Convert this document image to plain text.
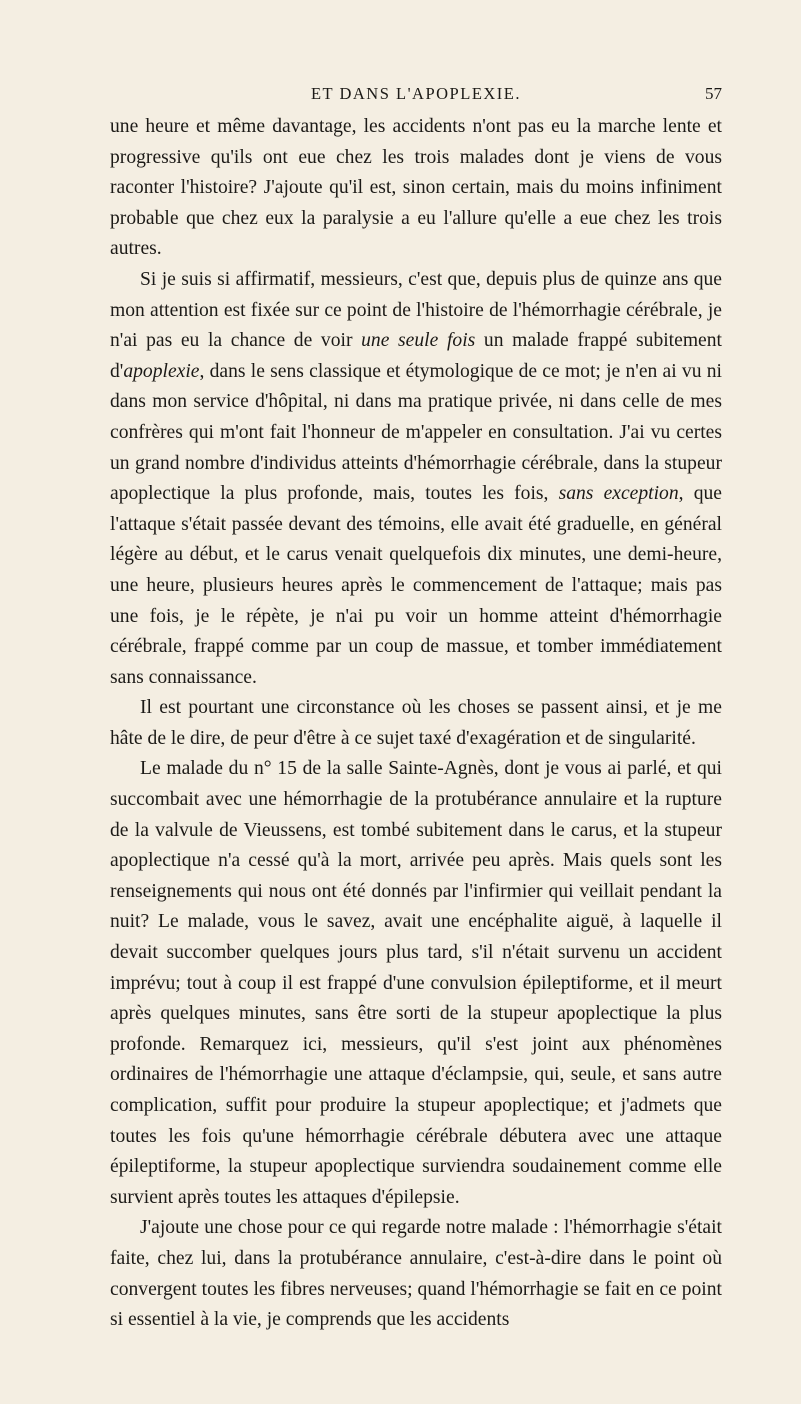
ET DANS L'APOPLEXIE.	57

une heure et même davantage, les accidents n'ont pas eu la marche lente et progressive qu'ils ont eue chez les trois malades dont je viens de vous raconter l'histoire? J'ajoute qu'il est, sinon certain, mais du moins infiniment probable que chez eux la paralysie a eu l'allure qu'elle a eue chez les trois autres.

Si je suis si affirmatif, messieurs, c'est que, depuis plus de quinze ans que mon attention est fixée sur ce point de l'histoire de l'hémorrhagie cérébrale, je n'ai pas eu la chance de voir une seule fois un malade frappé subitement d'apoplexie, dans le sens classique et étymologique de ce mot; je n'en ai vu ni dans mon service d'hôpital, ni dans ma pratique privée, ni dans celle de mes confrères qui m'ont fait l'honneur de m'appeler en consultation. J'ai vu certes un grand nombre d'individus atteints d'hémorrhagie cérébrale, dans la stupeur apoplectique la plus profonde, mais, toutes les fois, sans exception, que l'attaque s'était passée devant des témoins, elle avait été graduelle, en général légère au début, et le carus venait quelquefois dix minutes, une demi-heure, une heure, plusieurs heures après le commencement de l'attaque; mais pas une fois, je le répète, je n'ai pu voir un homme atteint d'hémorrhagie cérébrale, frappé comme par un coup de massue, et tomber immédiatement sans connaissance.

Il est pourtant une circonstance où les choses se passent ainsi, et je me hâte de le dire, de peur d'être à ce sujet taxé d'exagération et de singularité.

Le malade du n° 15 de la salle Sainte-Agnès, dont je vous ai parlé, et qui succombait avec une hémorrhagie de la protubérance annulaire et la rupture de la valvule de Vieussens, est tombé subitement dans le carus, et la stupeur apoplectique n'a cessé qu'à la mort, arrivée peu après. Mais quels sont les renseignements qui nous ont été donnés par l'infirmier qui veillait pendant la nuit? Le malade, vous le savez, avait une encéphalite aiguë, à laquelle il devait succomber quelques jours plus tard, s'il n'était survenu un accident imprévu; tout à coup il est frappé d'une convulsion épileptiforme, et il meurt après quelques minutes, sans être sorti de la stupeur apoplectique la plus profonde. Remarquez ici, messieurs, qu'il s'est joint aux phénomènes ordinaires de l'hémorrhagie une attaque d'éclampsie, qui, seule, et sans autre complication, suffit pour produire la stupeur apoplectique; et j'admets que toutes les fois qu'une hémorrhagie cérébrale débutera avec une attaque épileptiforme, la stupeur apoplectique surviendra soudainement comme elle survient après toutes les attaques d'épilepsie.

J'ajoute une chose pour ce qui regarde notre malade : l'hémorrhagie s'était faite, chez lui, dans la protubérance annulaire, c'est-à-dire dans le point où convergent toutes les fibres nerveuses; quand l'hémorrhagie se fait en ce point si essentiel à la vie, je comprends que les accidents
